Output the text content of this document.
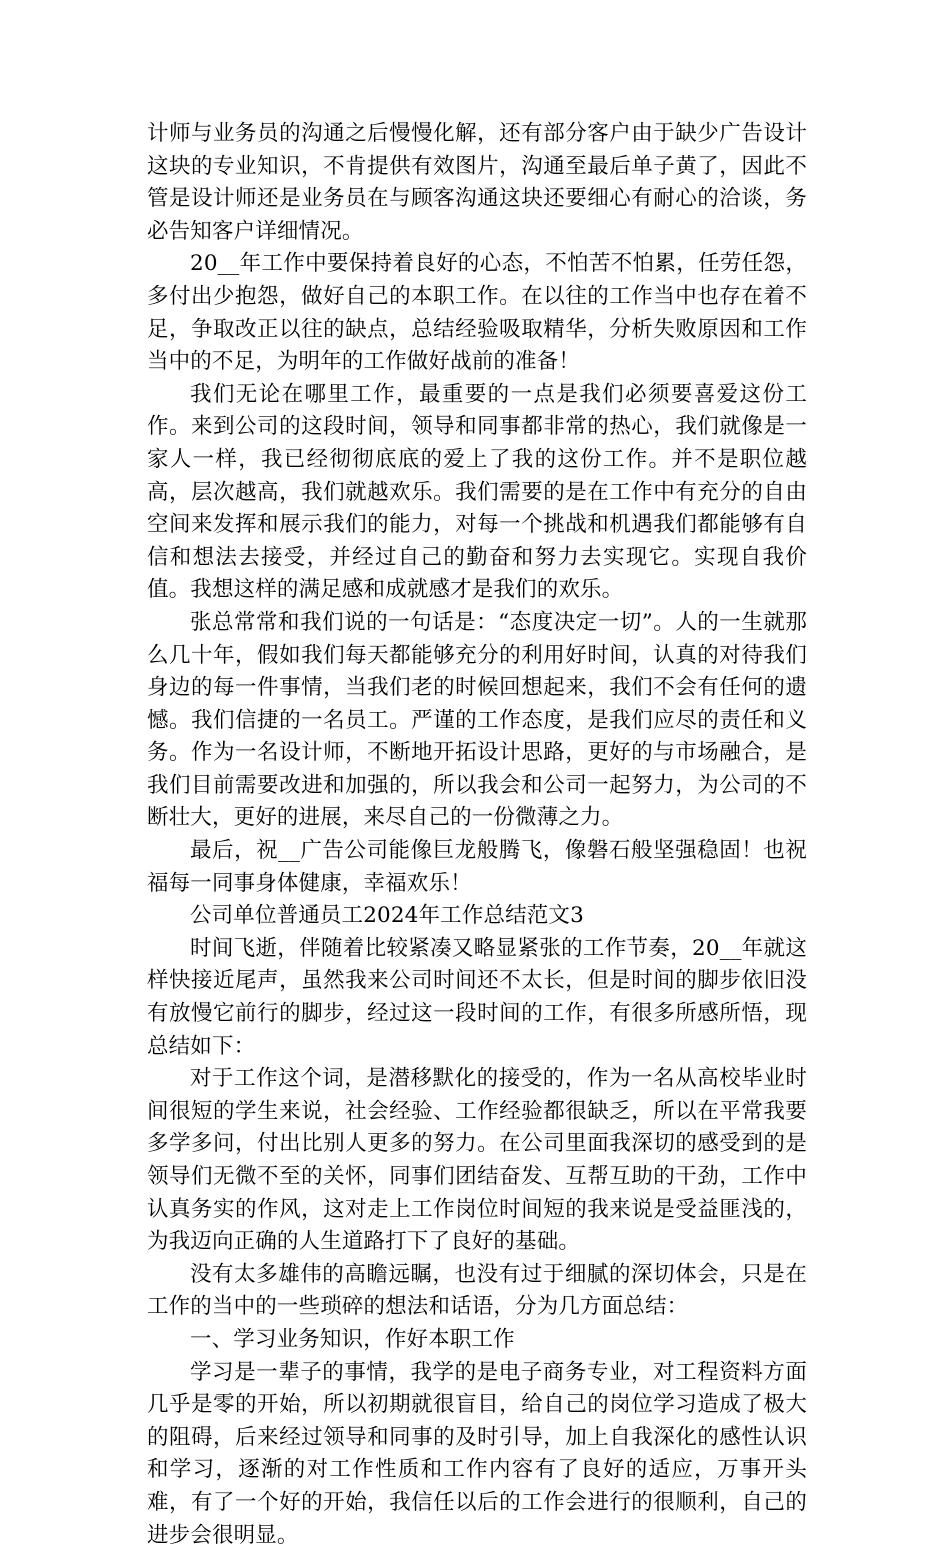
计师与业务员的沟通之后慢慢化解，还有部分客户由于缺少广告设计这块的专业知识，不肯提供有效图片，沟通至最后单子黄了，因此不管是设计师还是业务员在与顾客沟通这块还要细心有耐心的洽谈，务必告知客户详细情况。

20__年工作中要保持着良好的心态，不怕苦不怕累，任劳任怨，多付出少抱怨，做好自己的本职工作。在以往的工作当中也存在着不足，争取改正以往的缺点，总结经验吸取精华，分析失败原因和工作当中的不足，为明年的工作做好战前的准备！

我们无论在哪里工作，最重要的一点是我们必须要喜爱这份工作。来到公司的这段时间，领导和同事都非常的热心，我们就像是一家人一样，我已经彻彻底底的爱上了我的这份工作。并不是职位越高，层次越高，我们就越欢乐。我们需要的是在工作中有充分的自由空间来发挥和展示我们的能力，对每一个挑战和机遇我们都能够有自信和想法去接受，并经过自己的勤奋和努力去实现它。实现自我价值。我想这样的满足感和成就感才是我们的欢乐。

张总常常和我们说的一句话是：“态度决定一切”。人的一生就那么几十年，假如我们每天都能够充分的利用好时间，认真的对待我们身边的每一件事情，当我们老的时候回想起来，我们不会有任何的遗憾。我们信捷的一名员工。严谨的工作态度，是我们应尽的责任和义务。作为一名设计师，不断地开拓设计思路，更好的与市场融合，是我们目前需要改进和加强的，所以我会和公司一起努力，为公司的不断壮大，更好的进展，来尽自己的一份微薄之力。

最后，祝__广告公司能像巨龙般腾飞，像磐石般坚强稳固！也祝福每一同事身体健康，幸福欢乐！

公司单位普通员工2024年工作总结范文3

时间飞逝，伴随着比较紧凑又略显紧张的工作节奏，20__年就这样快接近尾声，虽然我来公司时间还不太长，但是时间的脚步依旧没有放慢它前行的脚步，经过这一段时间的工作，有很多所感所悟，现总结如下：

对于工作这个词，是潜移默化的接受的，作为一名从高校毕业时间很短的学生来说，社会经验、工作经验都很缺乏，所以在平常我要多学多问，付出比别人更多的努力。在公司里面我深切的感受到的是领导们无微不至的关怀，同事们团结奋发、互帮互助的干劲，工作中认真务实的作风，这对走上工作岗位时间短的我来说是受益匪浅的，为我迈向正确的人生道路打下了良好的基础。

没有太多雄伟的高瞻远瞩，也没有过于细腻的深切体会，只是在工作的当中的一些琐碎的想法和话语，分为几方面总结：

一、学习业务知识，作好本职工作

学习是一辈子的事情，我学的是电子商务专业，对工程资料方面几乎是零的开始，所以初期就很盲目，给自己的岗位学习造成了极大的阻碍，后来经过领导和同事的及时引导，加上自我深化的感性认识和学习，逐渐的对工作性质和工作内容有了良好的适应，万事开头难，有了一个好的开始，我信任以后的工作会进行的很顺利，自己的进步会很明显。
